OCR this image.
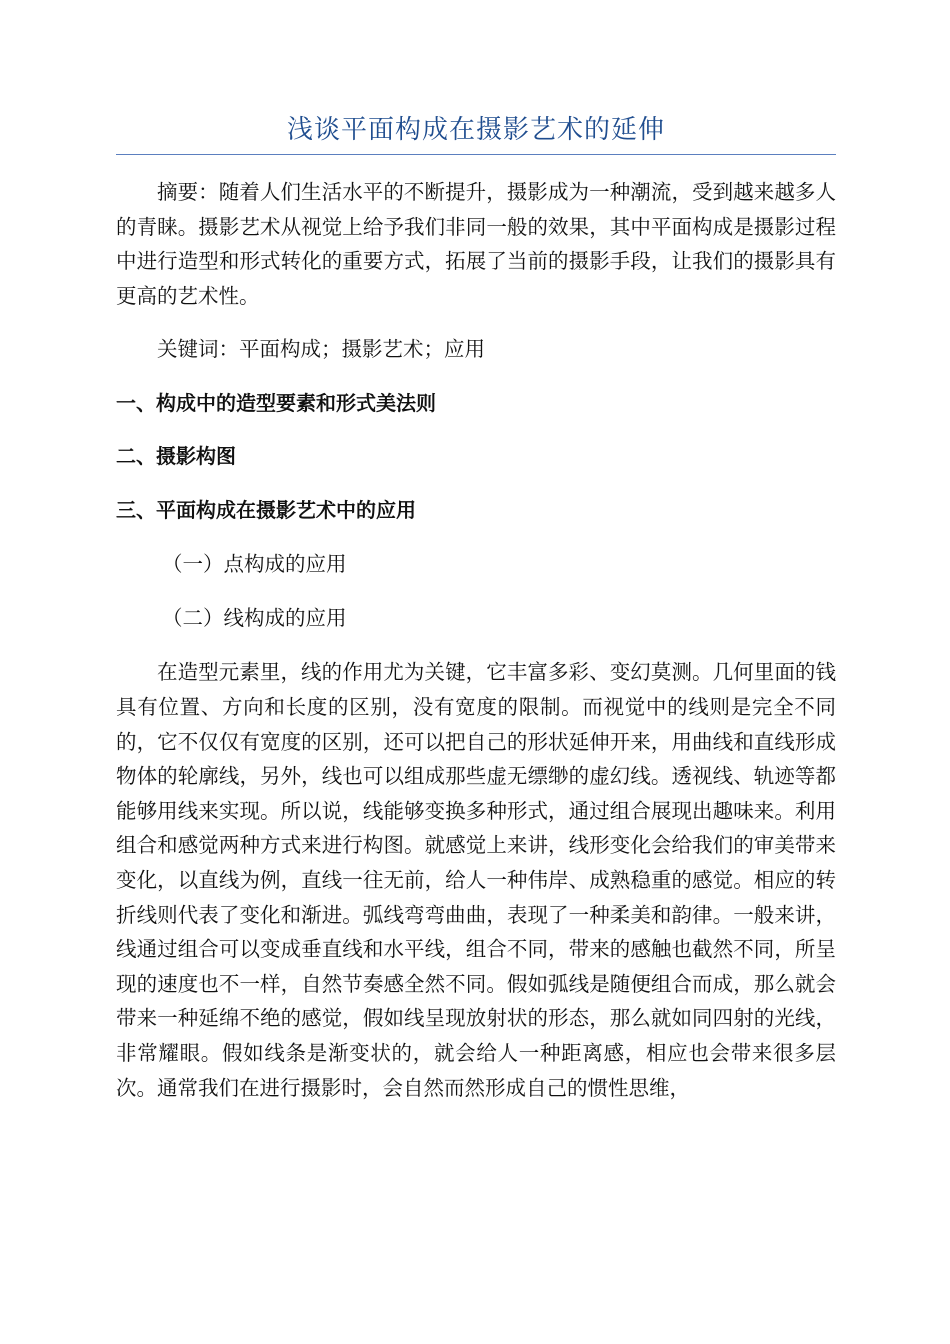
浅谈平面构成在摄影艺术的延伸

摘要：随着人们生活水平的不断提升，摄影成为一种潮流，受到越来越多人的青睐。摄影艺术从视觉上给予我们非同一般的效果，其中平面构成是摄影过程中进行造型和形式转化的重要方式，拓展了当前的摄影手段，让我们的摄影具有更高的艺术性。

关键词：平面构成；摄影艺术；应用

一、构成中的造型要素和形式美法则

二、摄影构图

三、平面构成在摄影艺术中的应用

（一）点构成的应用

（二）线构成的应用

在造型元素里，线的作用尤为关键，它丰富多彩、变幻莫测。几何里面的钱具有位置、方向和长度的区别，没有宽度的限制。而视觉中的线则是完全不同的，它不仅仅有宽度的区别，还可以把自己的形状延伸开来，用曲线和直线形成物体的轮廓线，另外，线也可以组成那些虚无缥缈的虚幻线。透视线、轨迹等都能够用线来实现。所以说，线能够变换多种形式，通过组合展现出趣味来。利用组合和感觉两种方式来进行构图。就感觉上来讲，线形变化会给我们的审美带来变化，以直线为例，直线一往无前，给人一种伟岸、成熟稳重的感觉。相应的转折线则代表了变化和渐进。弧线弯弯曲曲，表现了一种柔美和韵律。一般来讲，线通过组合可以变成垂直线和水平线，组合不同，带来的感触也截然不同，所呈现的速度也不一样，自然节奏感全然不同。假如弧线是随便组合而成，那么就会带来一种延绵不绝的感觉，假如线呈现放射状的形态，那么就如同四射的光线，非常耀眼。假如线条是渐变状的，就会给人一种距离感，相应也会带来很多层次。通常我们在进行摄影时，会自然而然形成自己的惯性思维，
